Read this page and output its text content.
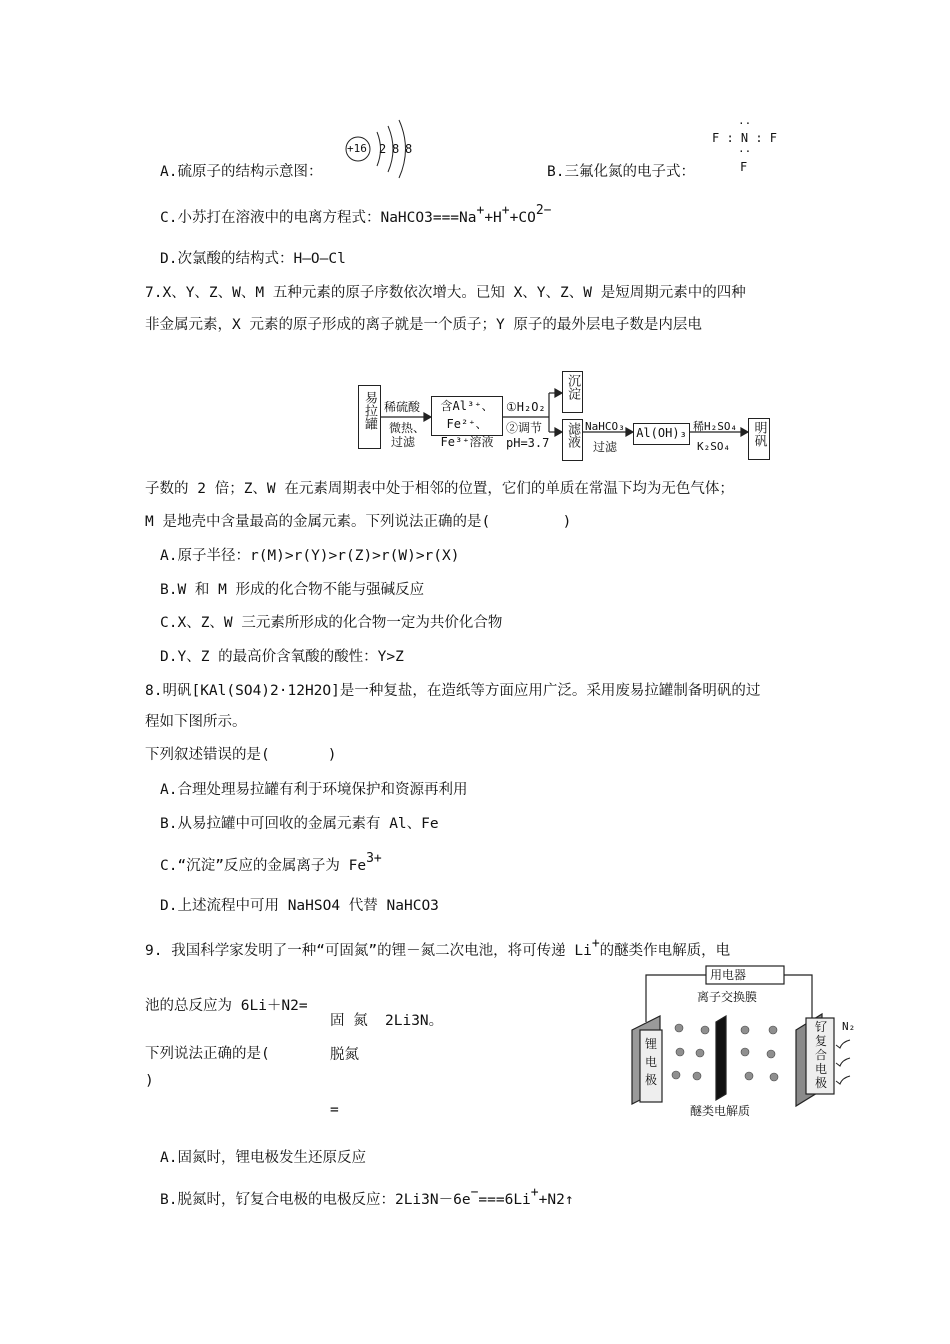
A.硫原子的结构示意图：
+16 2 8 8
B.三氟化氮的电子式：
··
F : N : F
··
F
C.小苏打在溶液中的电离方程式：NaHCO3===Na++H++CO2−
D.次氯酸的结构式：H—O—Cl
7.X、Y、Z、W、M 五种元素的原子序数依次增大。已知 X、Y、Z、W 是短周期元素中的四种
非金属元素，X 元素的原子形成的离子就是一个质子；Y 原子的最外层电子数是内层电
易拉罐 稀硫酸
微热、
过滤
含Al³⁺、Fe²⁺、
Fe³⁺溶液
①H₂O₂
②调节
pH=3.7
沉淀
滤液 NaHCO₃
过滤
Al(OH)₃ 稀H₂SO₄
K₂SO₄ 明矾
子数的 2 倍；Z、W 在元素周期表中处于相邻的位置，它们的单质在常温下均为无色气体；
M 是地壳中含量最高的金属元素。下列说法正确的是(　　　　　)
A.原子半径：r(M)>r(Y)>r(Z)>r(W)>r(X)
B.W 和 M 形成的化合物不能与强碱反应
C.X、Z、W 三元素所形成的化合物一定为共价化合物
D.Y、Z 的最高价含氧酸的酸性：Y>Z
8.明矾[KAl(SO4)2·12H2O]是一种复盐，在造纸等方面应用广泛。采用废易拉罐制备明矾的过
程如下图所示。
下列叙述错误的是(　　　　)
A.合理处理易拉罐有利于环境保护和资源再利用
B.从易拉罐中可回收的金属元素有 Al、Fe
C.“沉淀”反应的金属离子为 Fe3+
D.上述流程中可用 NaHSO4 代替 NaHCO3
9. 我国科学家发明了一种“可固氮”的锂－氮二次电池，将可传递 Li+的醚类作电解质，电
池的总反应为 6Li＋N2=
固 氮 2Li3N。
下列说法正确的是(	脱氮
)
=
用电器
离子交换膜
锂电极
钌复合电极
N₂
醚类电解质
A.固氮时，锂电极发生还原反应
B.脱氮时，钌复合电极的电极反应：2Li3N－6e−===6Li++N2↑
